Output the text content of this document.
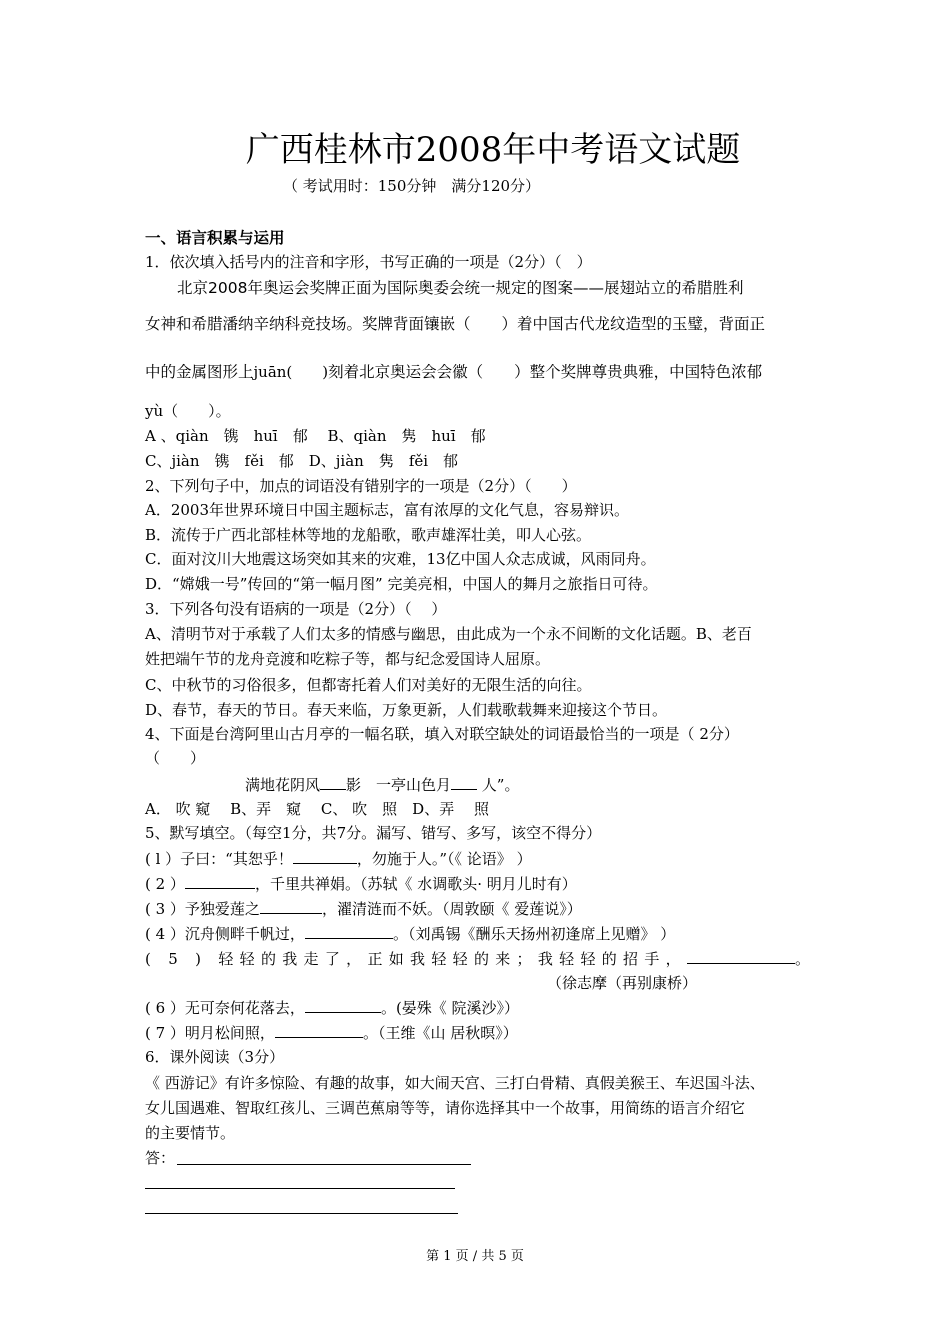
广西桂林市2008年中考语文试题
（ 考试用时：150分钟　满分120分）
一、语言积累与运用
1．依次填入括号内的注音和字形，书写正确的一项是（2分）（　）
北京2008年奥运会奖牌正面为国际奥委会统一规定的图案——展翅站立的希腊胜利
女神和希腊潘纳辛纳科竞技场。奖牌背面镶嵌（　　）着中国古代龙纹造型的玉璧，背面正
中的金属图形上juān(　　)刻着北京奥运会会徽（　　）整个奖牌尊贵典雅，中国特色浓郁
yù（　　）。
A 、qiàn　镌　huī　郁　 B、qiàn　隽　huī　郁
C、jiàn　镌　fěi　郁　D、jiàn　隽　fěi　郁
2、下列句子中，加点的词语没有错别字的一项是（2分）（　　）
A．2003年世界环境日中国主题标志，富有浓厚的文化气息，容易辩识。
B．流传于广西北部桂林等地的龙船歌，歌声雄浑壮美，叩人心弦。
C．面对汶川大地震这场突如其来的灾难，13亿中国人众志成诚，风雨同舟。
D．“嫦娥一号”传回的“第一幅月图” 完美亮相，中国人的舞月之旅指日可待。
3．下列各句没有语病的一项是（2分）（　 ）
A、清明节对于承载了人们太多的情感与幽思，由此成为一个永不间断的文化话题。B、老百
姓把端午节的龙舟竞渡和吃粽子等，都与纪念爱国诗人屈原。
C、中秋节的习俗很多，但都寄托着人们对美好的无限生活的向往。
D、春节，春天的节日。春天来临，万象更新，人们载歌载舞来迎接这个节日。
4、下面是台湾阿里山古月亭的一幅名联，填入对联空缺处的词语最恰当的一项是（ 2分）
（　　）
满地花阴风 影　一亭山色月 人”。
A． 吹 窥　 B、弄　窥　 C、 吹　照　D、弄　 照
5、默写填空。（每空1分，共7分。漏写、错写、多写，该空不得分）
( l ）子曰：“其恕乎！	，勿施于人。”（《 论语》 ）
( 2 ）	，千里共禅娟。（苏轼《 水调歌头· 明月儿时有）
( 3 ）予独爱莲之	，濯清涟而不妖。（周敦颐《 爱莲说》）
( 4 ）沉舟侧畔千帆过，	。（刘禹锡《酬乐天扬州初逢席上见赠》 ）
( 5 ) 轻轻的我走了，正如我轻轻的来；我轻轻的招手，	。
（徐志摩（再别康桥）
( 6 ）无可奈何花落去，	。(晏殊《 院溪沙》）
( 7 ）明月松间照，	。（王维《山 居秋暝》）
6．课外阅读（3分）
《 西游记》有许多惊险、有趣的故事，如大闹天宫、三打白骨精、真假美猴王、车迟国斗法、
女儿国遇难、智取红孩儿、三调芭蕉扇等等，请你选择其中一个故事，用简练的语言介绍它
的主要情节。
答：
第 1 页 / 共 5 页
